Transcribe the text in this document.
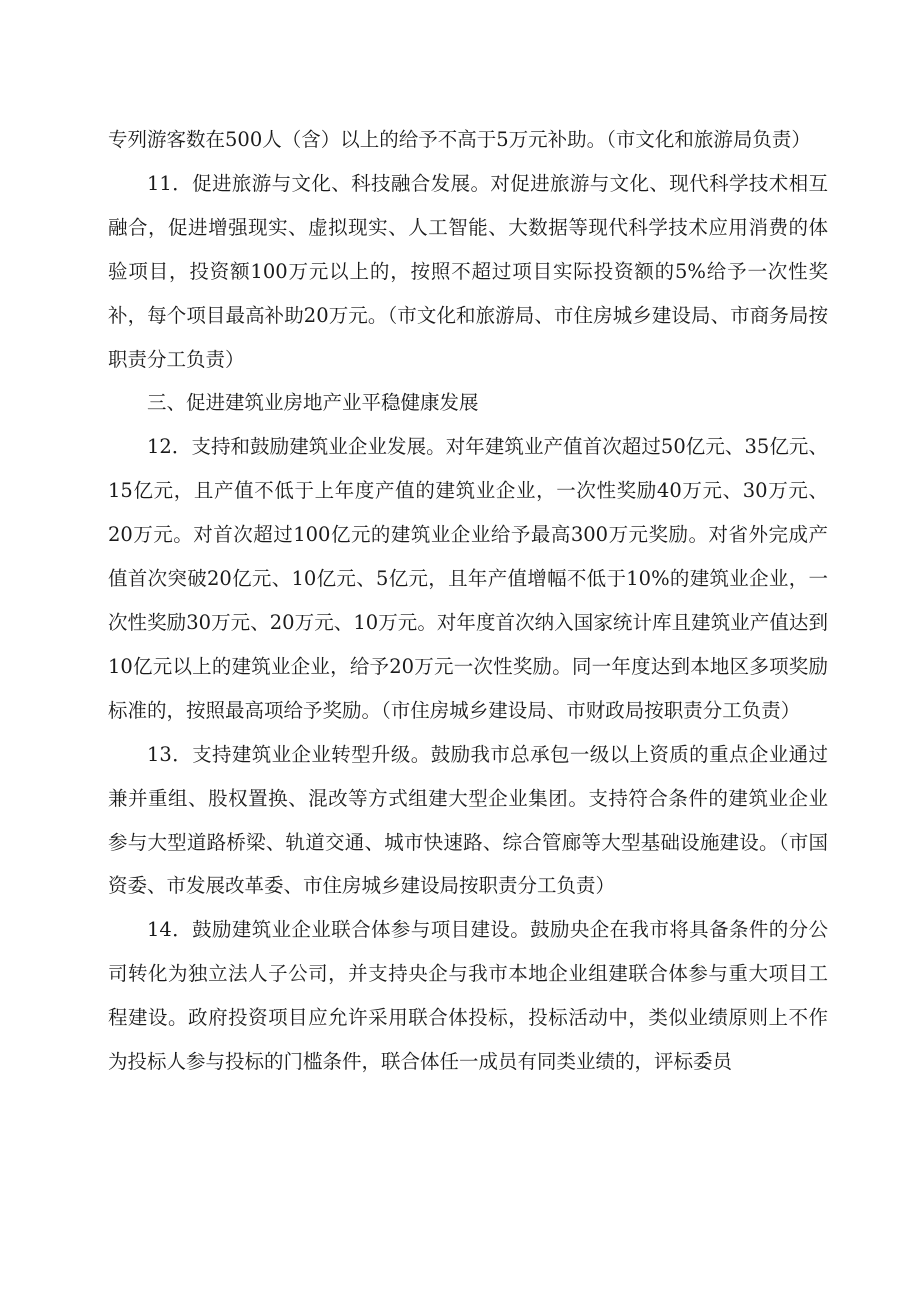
专列游客数在500人（含）以上的给予不高于5万元补助。（市文化和旅游局负责）

11．促进旅游与文化、科技融合发展。对促进旅游与文化、现代科学技术相互融合，促进增强现实、虚拟现实、人工智能、大数据等现代科学技术应用消费的体验项目，投资额100万元以上的，按照不超过项目实际投资额的5%给予一次性奖补，每个项目最高补助20万元。（市文化和旅游局、市住房城乡建设局、市商务局按职责分工负责）

三、促进建筑业房地产业平稳健康发展

12．支持和鼓励建筑业企业发展。对年建筑业产值首次超过50亿元、35亿元、15亿元，且产值不低于上年度产值的建筑业企业，一次性奖励40万元、30万元、20万元。对首次超过100亿元的建筑业企业给予最高300万元奖励。对省外完成产值首次突破20亿元、10亿元、5亿元，且年产值增幅不低于10%的建筑业企业，一次性奖励30万元、20万元、10万元。对年度首次纳入国家统计库且建筑业产值达到10亿元以上的建筑业企业，给予20万元一次性奖励。同一年度达到本地区多项奖励标准的，按照最高项给予奖励。（市住房城乡建设局、市财政局按职责分工负责）

13．支持建筑业企业转型升级。鼓励我市总承包一级以上资质的重点企业通过兼并重组、股权置换、混改等方式组建大型企业集团。支持符合条件的建筑业企业参与大型道路桥梁、轨道交通、城市快速路、综合管廊等大型基础设施建设。（市国资委、市发展改革委、市住房城乡建设局按职责分工负责）

14．鼓励建筑业企业联合体参与项目建设。鼓励央企在我市将具备条件的分公司转化为独立法人子公司，并支持央企与我市本地企业组建联合体参与重大项目工程建设。政府投资项目应允许采用联合体投标，投标活动中，类似业绩原则上不作为投标人参与投标的门槛条件，联合体任一成员有同类业绩的，评标委员
